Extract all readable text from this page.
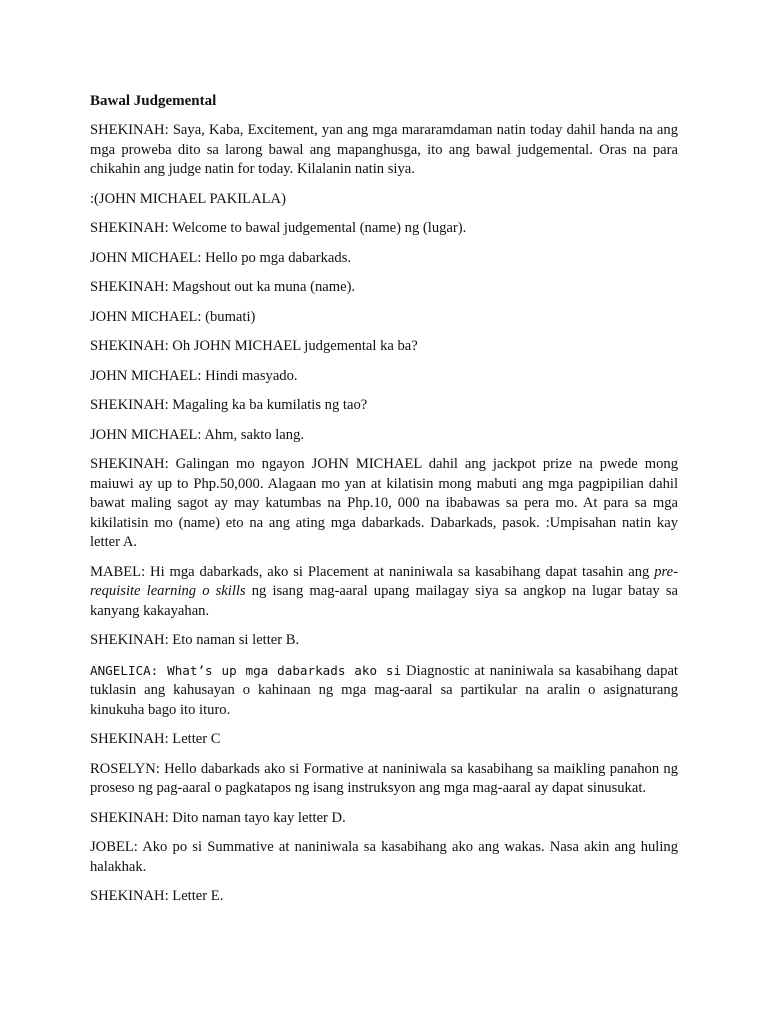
Bawal Judgemental

SHEKINAH: Saya, Kaba, Excitement, yan ang mga mararamdaman natin today dahil handa na ang mga proweba dito sa larong bawal ang mapanghusga, ito ang bawal judgemental. Oras na para chikahin ang judge natin for today. Kilalanin natin siya.

:(JOHN MICHAEL PAKILALA)

SHEKINAH: Welcome to bawal judgemental (name) ng (lugar).

JOHN MICHAEL: Hello po mga dabarkads.

SHEKINAH: Magshout out ka muna (name).

JOHN MICHAEL: (bumati)

SHEKINAH: Oh JOHN MICHAEL judgemental ka ba?

JOHN MICHAEL: Hindi masyado.

SHEKINAH: Magaling ka ba kumilatis ng tao?

JOHN MICHAEL: Ahm, sakto lang.

SHEKINAH: Galingan mo ngayon JOHN MICHAEL dahil ang jackpot prize na pwede mong maiuwi ay up to Php.50,000. Alagaan mo yan at kilatisin mong mabuti ang mga pagpipilian dahil bawat maling sagot ay may katumbas na Php.10, 000 na ibabawas sa pera mo. At para sa mga kikilatisin mo (name) eto na ang ating mga dabarkads. Dabarkads, pasok. :Umpisahan natin kay letter A.

MABEL: Hi mga dabarkads, ako si Placement at naniniwala sa kasabihang dapat tasahin ang pre-requisite learning o skills ng isang mag-aaral upang mailagay siya sa angkop na lugar batay sa kanyang kakayahan.

SHEKINAH: Eto naman si letter B.

ANGELICA: What’s up mga dabarkads ako si Diagnostic at naniniwala sa kasabihang dapat tuklasin ang kahusayan o kahinaan ng mga mag-aaral sa partikular na aralin o asignaturang kinukuha bago ito ituro.

SHEKINAH: Letter C

ROSELYN: Hello dabarkads ako si Formative at naniniwala sa kasabihang sa maikling panahon ng proseso ng pag-aaral o pagkatapos ng isang instruksyon ang mga mag-aaral ay dapat sinusukat.

SHEKINAH: Dito naman tayo kay letter D.

JOBEL: Ako po si Summative at naniniwala sa kasabihang ako ang wakas. Nasa akin ang huling halakhak.

SHEKINAH: Letter E.
